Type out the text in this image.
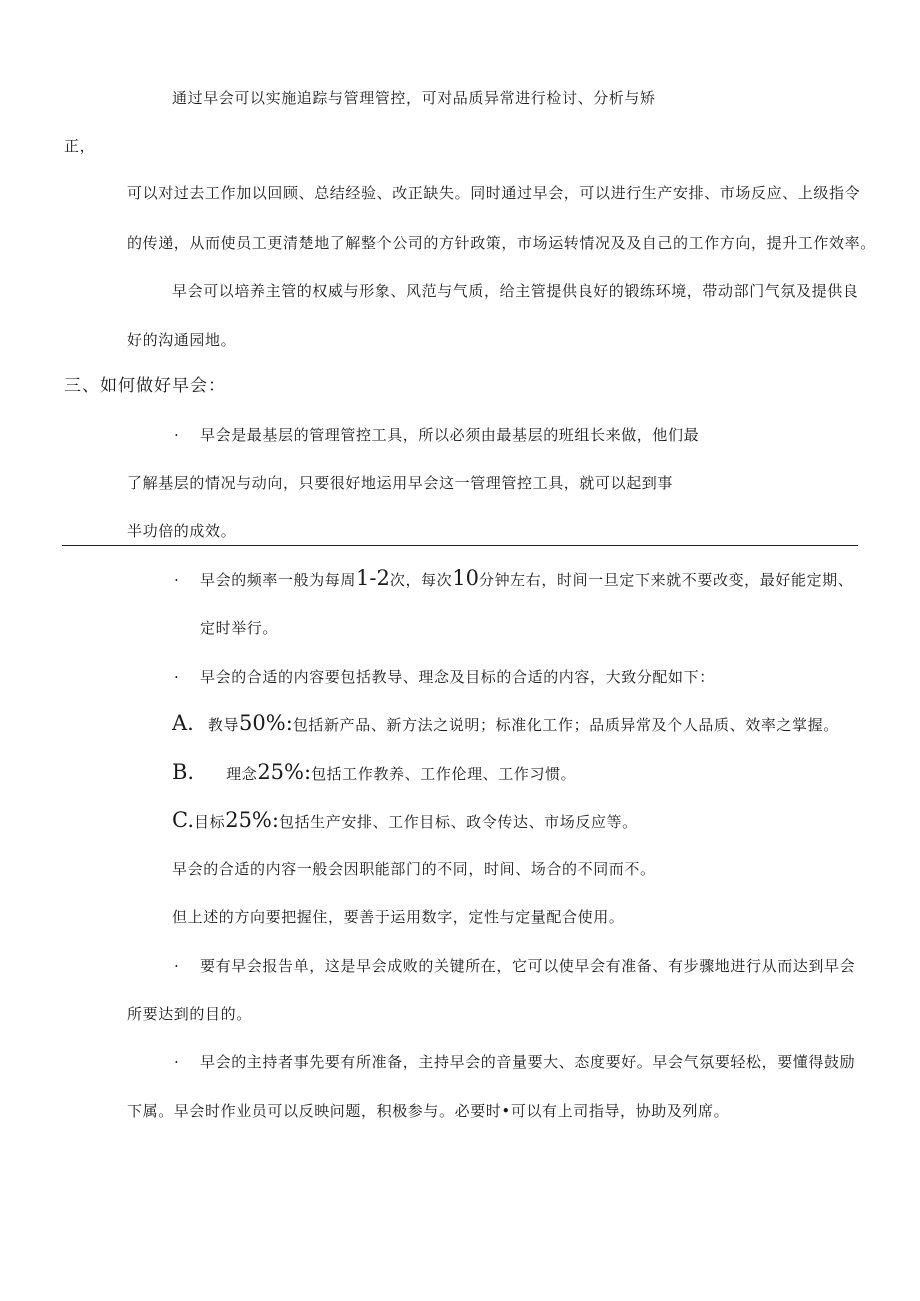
通过早会可以实施追踪与管理管控，可对品质异常进行检讨、分析与矫
正，
可以对过去工作加以回顾、总结经验、改正缺失。同时通过早会，可以进行生产安排、市场反应、上级指令
的传递，从而使员工更清楚地了解整个公司的方针政策，市场运转情况及及自己的工作方向，提升工作效率。
早会可以培养主管的权威与形象、风范与气质，给主管提供良好的锻练环境，带动部门气氛及提供良
好的沟通园地。
三、如何做好早会：
· 早会是最基层的管理管控工具，所以必须由最基层的班组长来做，他们最
了解基层的情况与动向，只要很好地运用早会这一管理管控工具，就可以起到事
半功倍的成效。
· 早会的频率一般为每周1-2次，每次10分钟左右，时间一旦定下来就不要改变，最好能定期、
定时举行。
· 早会的合适的内容要包括教导、理念及目标的合适的内容，大致分配如下：
A. 教导50%:包括新产品、新方法之说明；标准化工作；品质异常及个人品质、效率之掌握。
B. 理念25%:包括工作教养、工作伦理、工作习惯。
C.目标25%:包括生产安排、工作目标、政令传达、市场反应等。
早会的合适的内容一般会因职能部门的不同，时间、场合的不同而不。
但上述的方向要把握住，要善于运用数字，定性与定量配合使用。
· 要有早会报告单，这是早会成败的关键所在，它可以使早会有准备、有步骤地进行从而达到早会
所要达到的目的。
· 早会的主持者事先要有所准备，主持早会的音量要大、态度要好。早会气氛要轻松，要懂得鼓励
下属。早会时作业员可以反映问题，积极参与。必要时•可以有上司指导，协助及列席。
